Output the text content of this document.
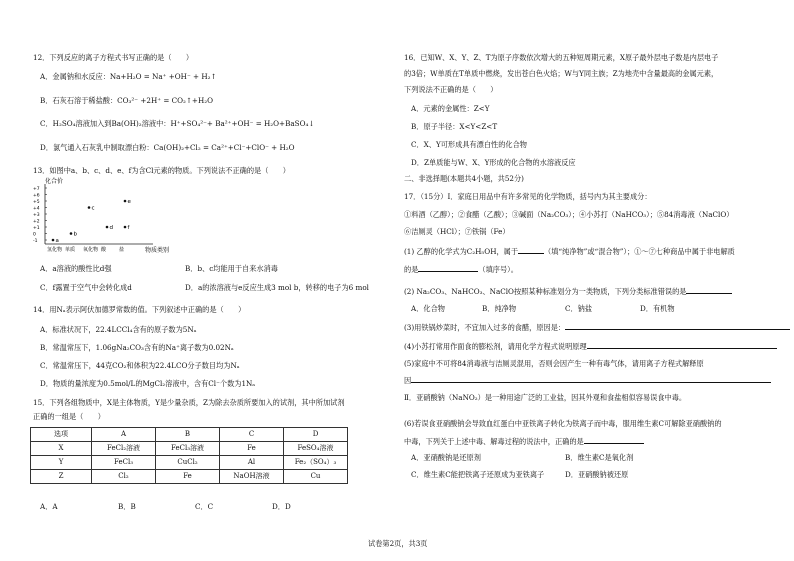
12．下列反应的离子方程式书写正确的是（　　）
A．金属钠和水反应：Na+H₂O = Na⁺ +OH⁻ + H₂↑
B．石灰石溶于稀盐酸：CO₃²⁻ +2H⁺ = CO₂↑+H₂O
C．H₂SO₄溶液加入到Ba(OH)₂溶液中：H⁺+SO₄²⁻+ Ba²⁺+OH⁻ = H₂O+BaSO₄↓
D．氯气通入石灰乳中制取漂白粉：Ca(OH)₂+Cl₂ = Ca²⁺+Cl⁻+ClO⁻ + H₂O
13．如图中a、b、c、d、e、f为含Cl元素的物质。下列说法不正确的是（　　）
化合价
+7
+6
+5
+4
+3
+2
+1
0
-1
氢化物 单质 氧化物 酸	盐
e
c
d	f
b
a
物质类别
A．a溶液的酸性比d强	B．b、c均能用于自来水消毒
C．f露置于空气中会转化成d	D．a的浓溶液与e反应生成3 mol b，转移的电子为6 mol
14．用Nₐ表示阿伏加德罗常数的值。下列叙述中正确的是（　　）
A．标准状况下，22.4LCCl₄含有的原子数为5Nₐ
B．常温常压下，1.06gNa₂CO₃含有的Na⁺离子数为0.02Nₐ
C．常温常压下，44克CO₂和体积为22.4LCO分子数目均为Nₐ
D．物质的量浓度为0.5mol/L的MgCl₂溶液中，含有Cl⁻个数为1Nₐ
15．下列各组物质中，X是主体物质，Y是少量杂质，Z为除去杂质所要加入的试剂，其中所加试剂
正确的一组是（　　）
选项	A	B	C	D
X	FeCl₂溶液	FeCl₃溶液	Fe	FeSO₄溶液
Y	FeCl₃	CuCl₂	Al	Fe₂（SO₄）₃
Z	Cl₂	Fe	NaOH溶液	Cu
A．A	B．B	C．C	D．D
16．已知W、X、Y、Z、T为原子序数依次增大的五种短周期元素，X原子最外层电子数是内层电子
的3倍；W单质在T单质中燃烧，发出苍白色火焰；W与Y同主族；Z为地壳中含量最高的金属元素，
下列说法不正确的是（　　）
A．元素的金属性：Z<Y
B．原子半径：X<Y<Z<T
C．X、Y可形成具有漂白性的化合物
D．Z单质能与W、X、Y形成的化合物的水溶液反应
二、非选择题(本题共4小题，共52分)
17．（15分）Ⅰ．家庭日用品中有许多常见的化学物质，括号内为其主要成分：
①料酒（乙醇）；②食醋（乙酸）；③碱面（Na₂CO₃）；④小苏打（NaHCO₃）；⑤84消毒液（NaClO）
⑥洁厕灵（HCl）；⑦铁锅（Fe）
(1) 乙醇的化学式为C₂H₅OH，属于	（填“纯净物”或“混合物”）；①～⑦七种商品中属于非电解质
的是	（填序号）。
(2) Na₂CO₃、NaHCO₃、NaClO按照某种标准划分为一类物质，下列分类标准错误的是
A．化合物	B．纯净物	C．钠盐	D．有机物
(3)用铁锅炒菜时，不宜加入过多的食醋，原因是：
(4)小苏打常用作面食的膨松剂，请用化学方程式说明原理
(5)家庭中不可将84消毒液与洁厕灵混用，否则会因产生一种有毒气体，请用离子方程式解释原
因
Ⅱ．亚硝酸钠（NaNO₂）是一种用途广泛的工业盐，因其外观和食盐相似容易误食中毒。
(6)若误食亚硝酸钠会导致血红蛋白中亚铁离子转化为铁离子而中毒，服用维生素C可解除亚硝酸钠的
中毒，下列关于上述中毒、解毒过程的说法中，正确的是
A．亚硝酸钠是还原剂	B．维生素C是氧化剂
C．维生素C能把铁离子还原成为亚铁离子	D．亚硝酸钠被还原
试卷第2页，共3页
